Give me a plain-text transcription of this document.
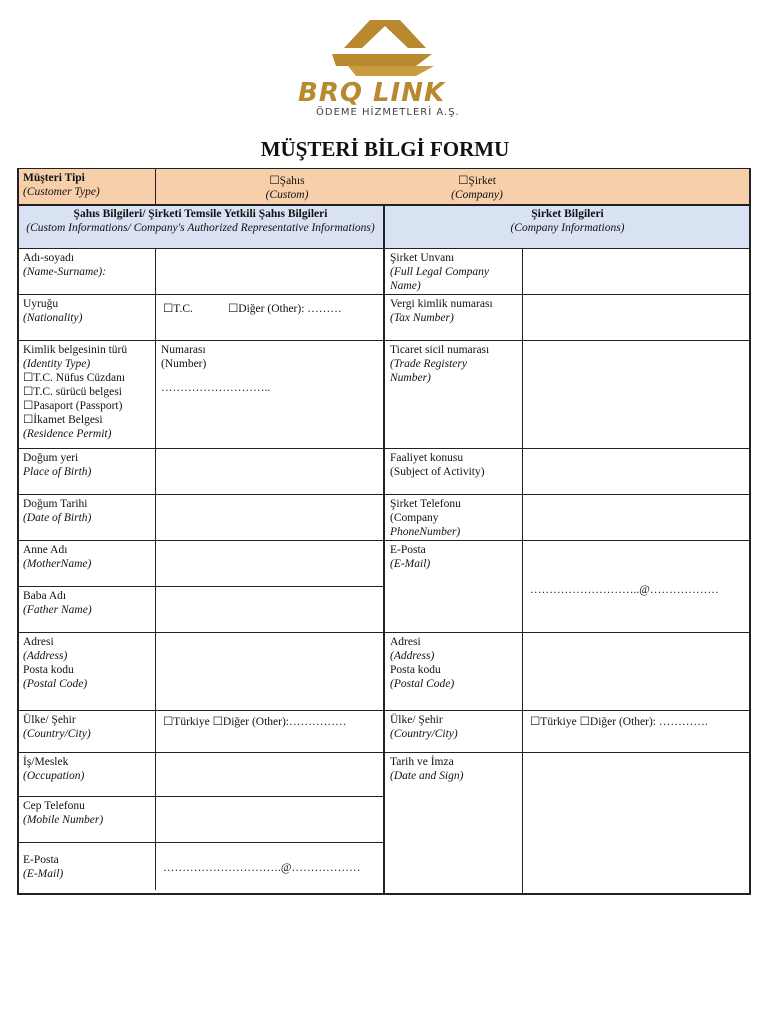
BRQ LINK
ÖDEME HİZMETLERİ A.Ş.
MÜŞTERİ BİLGİ FORMU
Müşteri Tipi
(Customer Type)
☐Şahıs
(Custom)
☐Şirket
(Company)
Şahıs Bilgileri/ Şirketi Temsile Yetkili Şahıs Bilgileri
(Custom Informations/ Company's Authorized Representative Informations)
Şirket Bilgileri
(Company Informations)
Adı-soyadı
(Name-Surname):
Uyruğu
(Nationality)
☐T.C.	☐Diğer (Other): ………
Kimlik belgesinin türü
(Identity Type)
☐T.C. Nüfus Cüzdanı
☐T.C. sürücü belgesi
☐Pasaport (Passport)
☐İkamet Belgesi
(Residence Permit)
Numarası
(Number)
………………………..
Doğum yeri
Place of Birth)
Doğum Tarihi
(Date of Birth)
Anne Adı
(MotherName)
Baba Adı
(Father Name)
Adresi
(Address)
Posta kodu
(Postal Code)
Ülke/ Şehir
(Country/City)
☐Türkiye ☐Diğer (Other):……………
İş/Meslek
(Occupation)
Cep Telefonu
(Mobile Number)
E-Posta
(E-Mail)	………………………….@………………
Şirket Unvanı
(Full Legal Company
Name)
Vergi kimlik numarası
(Tax Number)
Ticaret sicil numarası
(Trade Registery
Number)
Faaliyet konusu
(Subject of Activity)
Şirket Telefonu
(Company
PhoneNumber)
E-Posta
(E-Mail)
………………………..@………………
Adresi
(Address)
Posta kodu
(Postal Code)
Ülke/ Şehir
(Country/City)
☐Türkiye ☐Diğer (Other): ………….
Tarih ve İmza
(Date and Sign)
